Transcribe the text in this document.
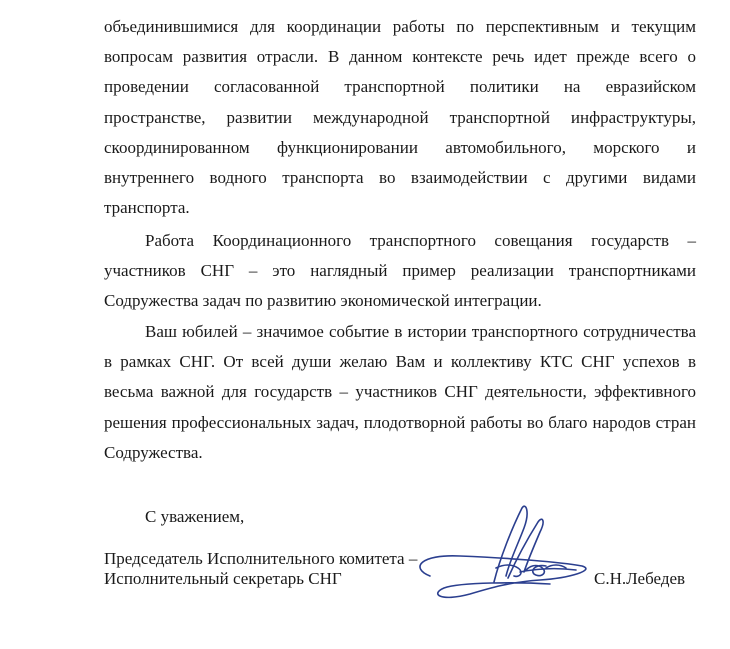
объединившимися для координации работы по перспективным и текущим вопросам развития отрасли. В данном контексте речь идет прежде всего о проведении согласованной транспортной политики на евразийском пространстве, развитии международной транспортной инфраструктуры, скоординированном функционировании автомобильного, морского и внутреннего водного транспорта во взаимодействии с другими видами транспорта.

Работа Координационного транспортного совещания государств – участников СНГ – это наглядный пример реализации транспортниками Содружества задач по развитию экономической интеграции.

Ваш юбилей – значимое событие в истории транспортного сотрудничества в рамках СНГ. От всей души желаю Вам и коллективу КТС СНГ успехов в весьма важной для государств – участников СНГ деятельности, эффективного решения профессиональных задач, плодотворной работы во благо народов стран Содружества.

С уважением,
Председатель Исполнительного комитета –
Исполнительный секретарь СНГ	С.Н.Лебедев
